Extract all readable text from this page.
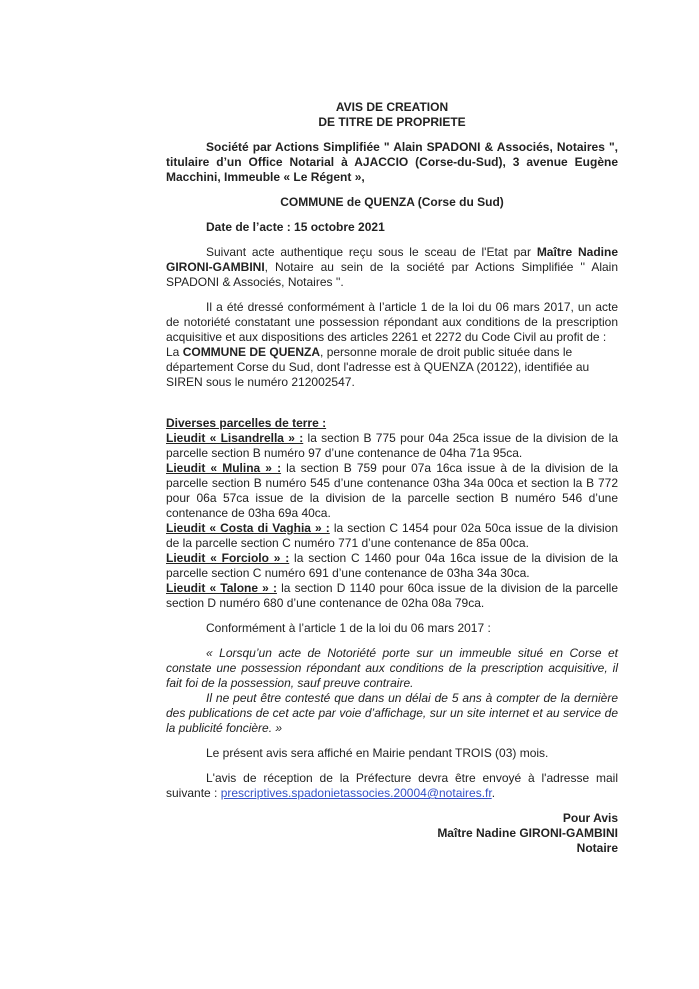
AVIS DE CREATION

DE TITRE DE PROPRIETE

Société par Actions Simplifiée " Alain SPADONI & Associés, Notaires ", titulaire d’un Office Notarial à AJACCIO (Corse-du-Sud), 3 avenue Eugène Macchini, Immeuble « Le Régent »,

COMMUNE de QUENZA (Corse du Sud)

Date de l’acte : 15 octobre 2021

Suivant acte authentique reçu sous le sceau de l'Etat par Maître Nadine GIRONI-GAMBINI, Notaire au sein de la société par Actions Simplifiée '' Alain SPADONI & Associés, Notaires ''.

Il a été dressé conformément à l’article 1 de la loi du 06 mars 2017, un acte de notoriété constatant une possession répondant aux conditions de la prescription acquisitive et aux dispositions des articles 2261 et 2272 du Code Civil au profit de :

La COMMUNE DE QUENZA, personne morale de droit public située dans le département Corse du Sud, dont l'adresse est à QUENZA (20122), identifiée au SIREN sous le numéro 212002547.

Diverses parcelles de terre :

Lieudit « Lisandrella » : la section B 775 pour 04a 25ca issue de la division de la parcelle section B numéro 97 d’une contenance de 04ha 71a 95ca.

Lieudit « Mulina » : la section B 759 pour 07a 16ca issue à de la division de la parcelle section B numéro 545 d’une contenance 03ha 34a 00ca et section la B 772 pour 06a 57ca issue de la division de la parcelle section B numéro 546 d’une contenance de 03ha 69a 40ca.

Lieudit « Costa di Vaghia » : la section C 1454 pour 02a 50ca issue de la division de la parcelle section C numéro 771 d’une contenance de 85a 00ca.

Lieudit « Forciolo » : la section C 1460 pour 04a 16ca issue de la division de la parcelle section C numéro 691 d’une contenance de 03ha 34a 30ca.

Lieudit « Talone » : la section D 1140 pour 60ca issue de la division de la parcelle section D numéro 680 d’une contenance de 02ha 08a 79ca.

Conformément à l’article 1 de la loi du 06 mars 2017 :

« Lorsqu’un acte de Notoriété porte sur un immeuble situé en Corse et constate une possession répondant aux conditions de la prescription acquisitive, il fait foi de la possession, sauf preuve contraire.

Il ne peut être contesté que dans un délai de 5 ans à compter de la dernière des publications de cet acte par voie d’affichage, sur un site internet et au service de la publicité foncière. »

Le présent avis sera affiché en Mairie pendant TROIS (03) mois.

L'avis de réception de la Préfecture devra être envoyé à l'adresse mail suivante : prescriptives.spadonietassocies.20004@notaires.fr.

Pour Avis
Maître Nadine GIRONI-GAMBINI
Notaire
